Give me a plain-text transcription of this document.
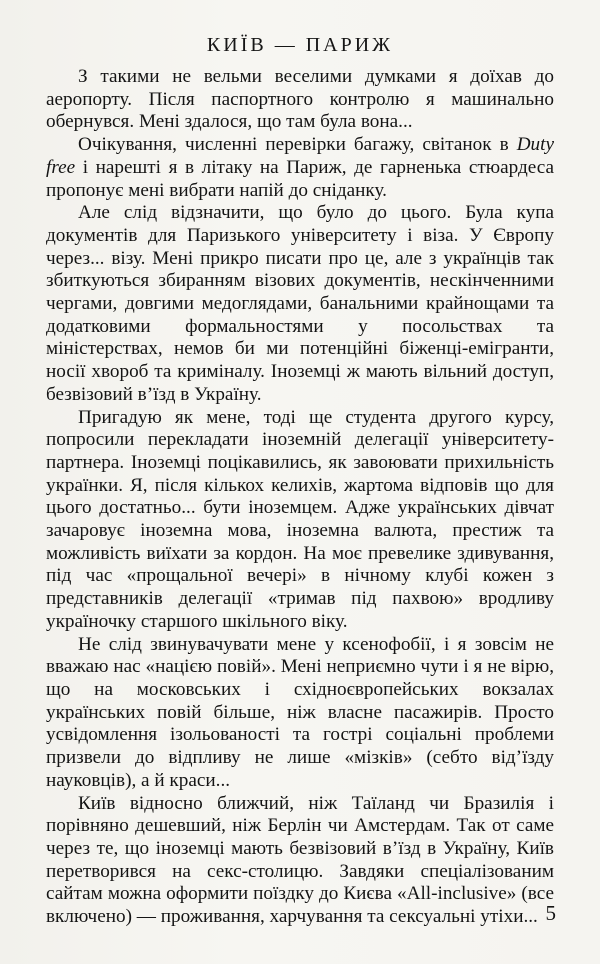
КИЇВ — ПАРИЖ

З такими не вельми веселими думками я доїхав до аеропорту. Після паспортного контролю я машинально обернувся. Мені здалося, що там була вона...

Очікування, численні перевірки багажу, світанок в Duty free і нарешті я в літаку на Париж, де гарненька стюардеса пропонує мені вибрати напій до сніданку.

Але слід відзначити, що було до цього. Була купа документів для Паризького університету і віза. У Європу через... візу. Мені прикро писати про це, але з українців так збиткуються збиранням візових документів, нескінченними чергами, довгими медоглядами, банальними крайнощами та додатковими формальностями у посольствах та міністерствах, немов би ми потенційні біженці-емігранти, носії хвороб та криміналу. Іноземці ж мають вільний доступ, безвізовий в’їзд в Україну.

Пригадую як мене, тоді ще студента другого курсу, попросили перекладати іноземній делегації університету-партнера. Іноземці поцікавились, як завоювати прихильність українки. Я, після кількох келихів, жартома відповів що для цього достатньо... бути іноземцем. Адже українських дівчат зачаровує іноземна мова, іноземна валюта, престиж та можливість виїхати за кордон. На моє превелике здивування, під час «прощальної вечері» в нічному клубі кожен з представників делегації «тримав під пахвою» вродливу україночку старшого шкільного віку.

Не слід звинувачувати мене у ксенофобії, і я зовсім не вважаю нас «нацією повій». Мені неприємно чути і я не вірю, що на московських і східноєвропейських вокзалах українських повій більше, ніж власне пасажирів. Просто усвідомлення ізольованості та гострі соціальні проблеми призвели до відпливу не лише «мізків» (себто від’їзду науковців), а й краси...

Київ відносно ближчий, ніж Таїланд чи Бразилія і порівняно дешевший, ніж Берлін чи Амстердам. Так от саме через те, що іноземці мають безвізовий в’їзд в Україну, Київ перетворився на секс-столицю. Завдяки спеціалізованим сайтам можна оформити поїздку до Києва «All-inclusive» (все включено) — проживання, харчування та сексуальні утіхи... 5
